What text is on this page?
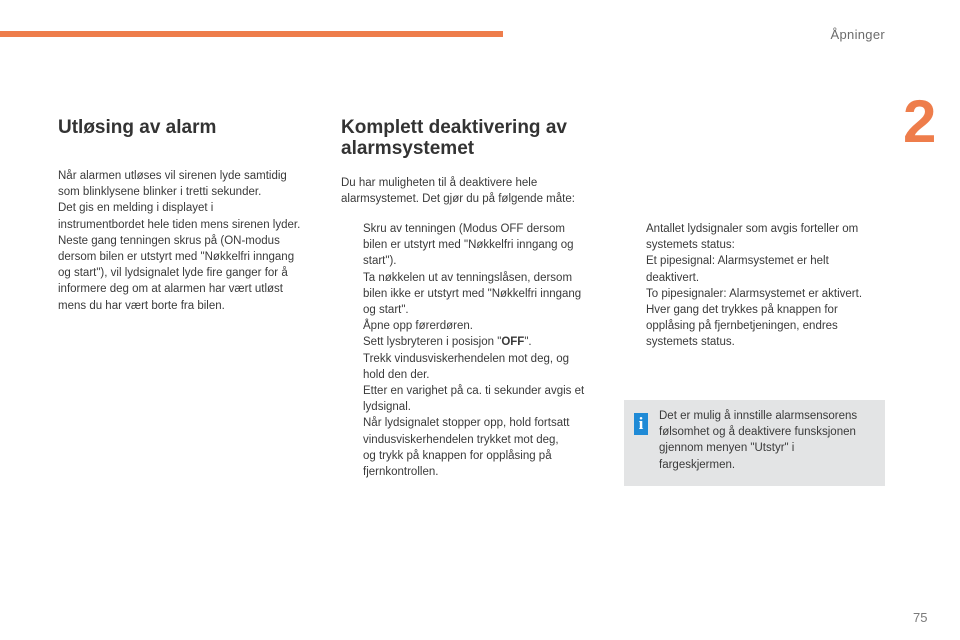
Åpninger
2
Utløsing av alarm
Når alarmen utløses vil sirenen lyde samtidig
som blinklysene blinker i tretti sekunder.
Det gis en melding i displayet i
instrumentbordet hele tiden mens sirenen lyder.
Neste gang tenningen skrus på (ON-modus
dersom bilen er utstyrt med "Nøkkelfri inngang
og start"), vil lydsignalet lyde fire ganger for å
informere deg om at alarmen har vært utløst
mens du har vært borte fra bilen.
Komplett deaktivering av
alarmsystemet
Du har muligheten til å deaktivere hele
alarmsystemet. Det gjør du på følgende måte:
Skru av tenningen (Modus OFF dersom
bilen er utstyrt med "Nøkkelfri inngang og
start").
Ta nøkkelen ut av tenningslåsen, dersom
bilen ikke er utstyrt med "Nøkkelfri inngang
og start".
Åpne opp førerdøren.
Sett lysbryteren i posisjon "OFF".
Trekk vindusviskerhendelen mot deg, og
hold den der.
Etter en varighet på ca. ti sekunder avgis et
lydsignal.
Når lydsignalet stopper opp, hold fortsatt
vindusviskerhendelen trykket mot deg,
og trykk på knappen for opplåsing på
fjernkontrollen.
Antallet lydsignaler som avgis forteller om
systemets status:
Et pipesignal: Alarmsystemet er helt
deaktivert.
To pipesignaler: Alarmsystemet er aktivert.
Hver gang det trykkes på knappen for
opplåsing på fjernbetjeningen, endres
systemets status.
i	Det er mulig å innstille alarmsensorens
følsomhet og å deaktivere funsksjonen
gjennom menyen "Utstyr" i
fargeskjermen.
75
